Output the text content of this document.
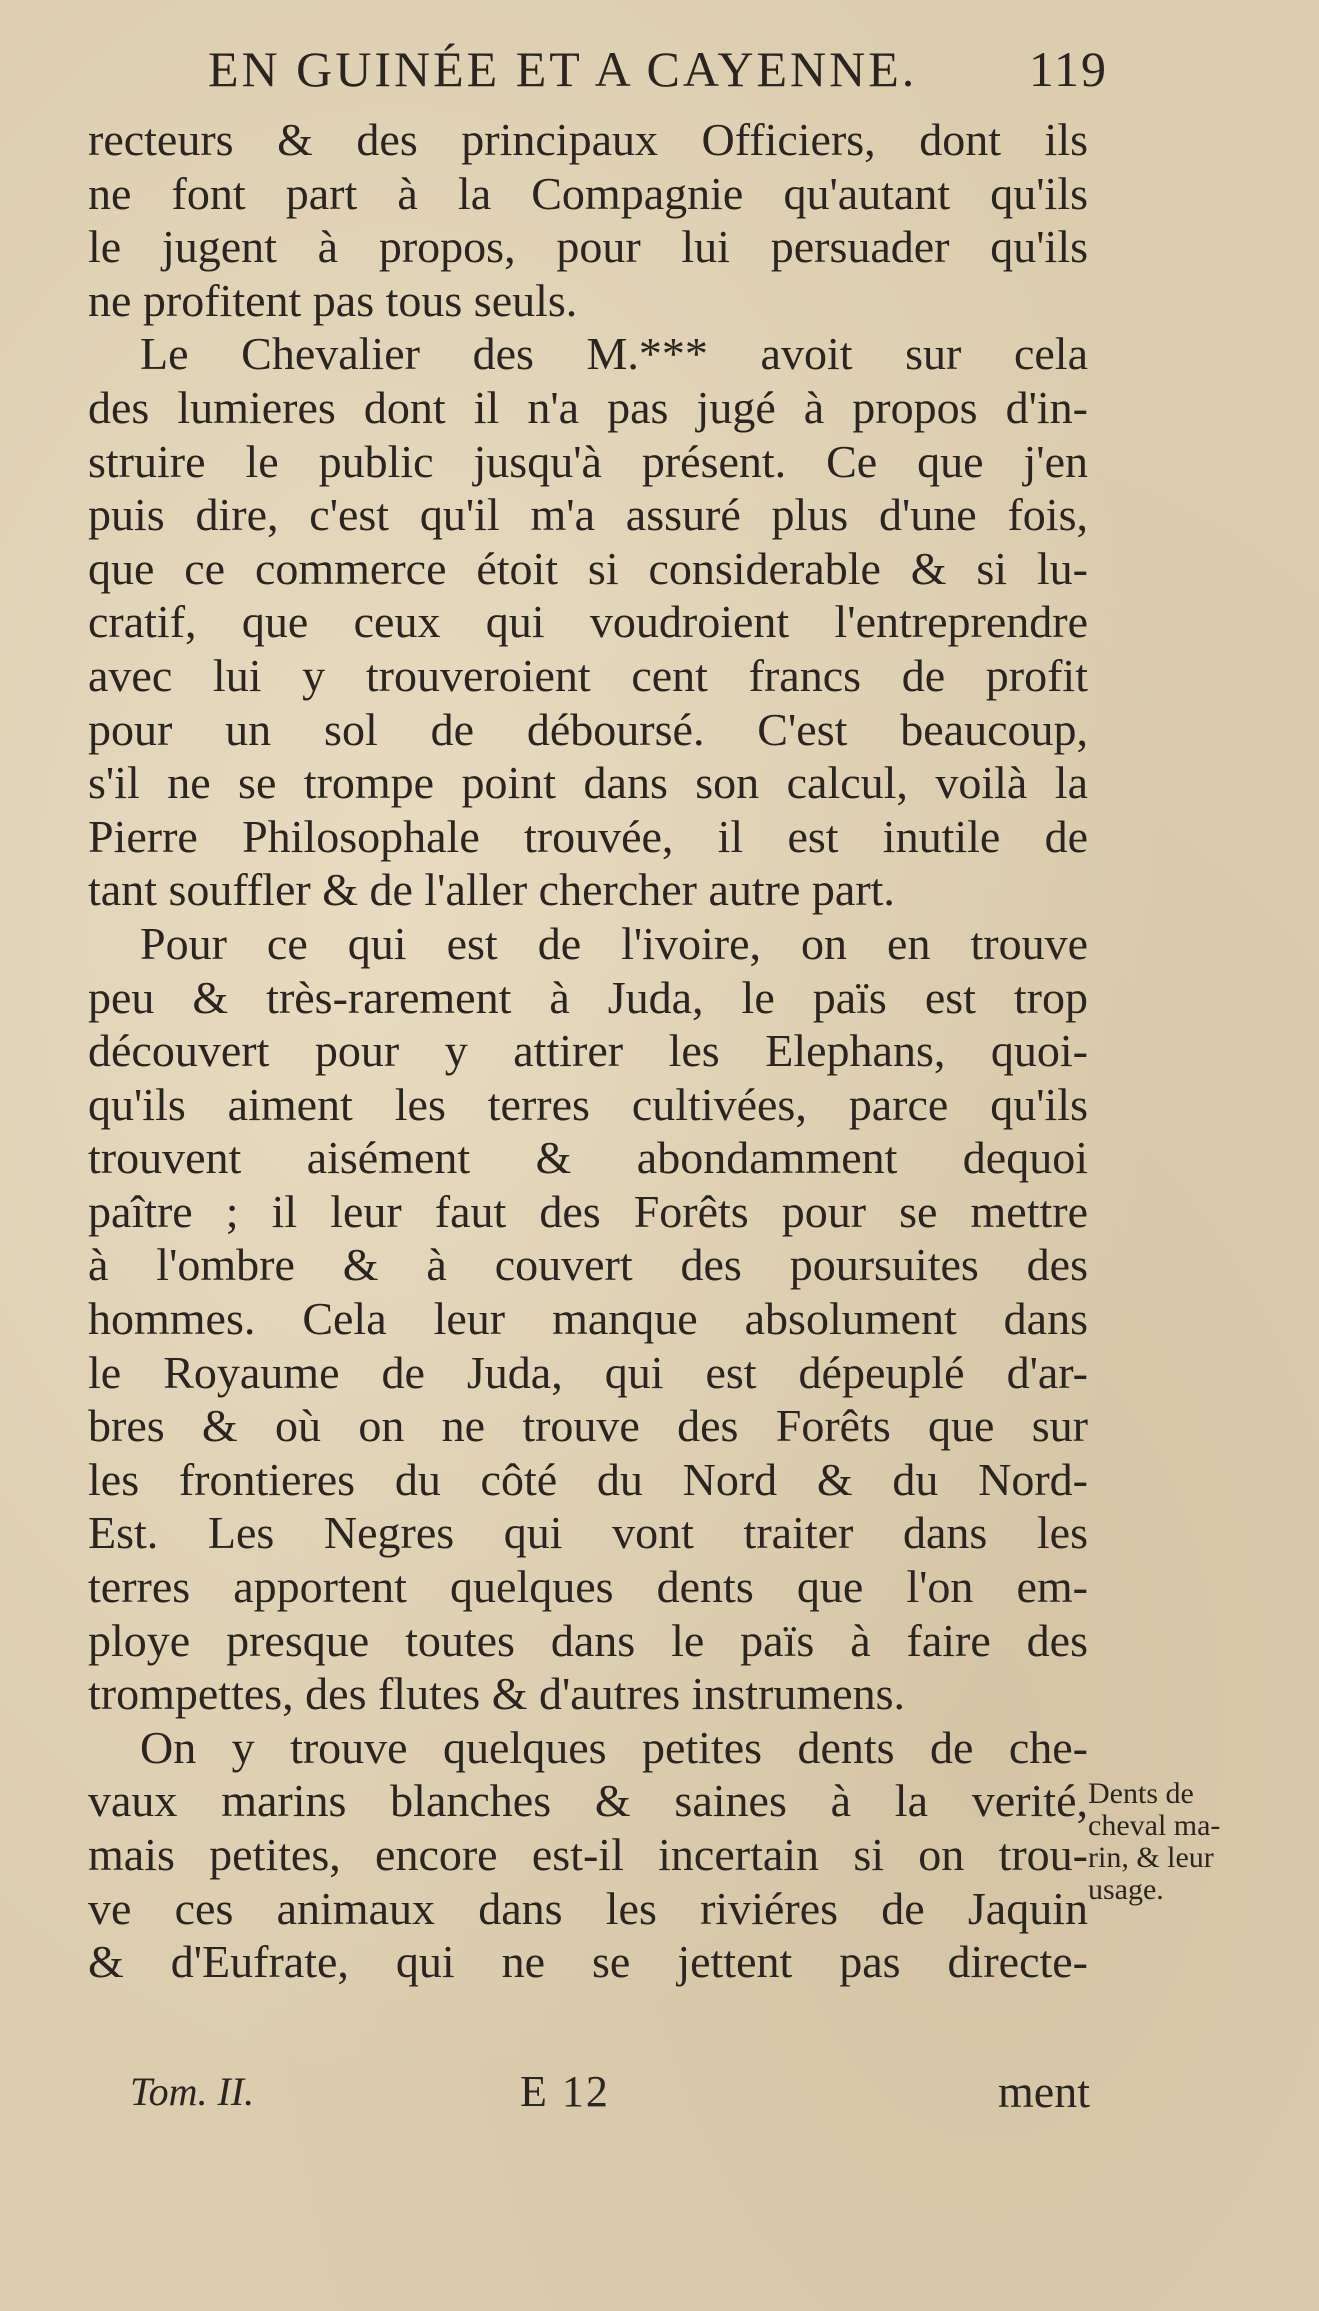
EN GUINÉE ET A CAYENNE. 119
recteurs & des principaux Officiers, dont ils
ne font part à la Compagnie qu'autant qu'ils
le jugent à propos, pour lui persuader qu'ils
ne profitent pas tous seuls.
Le Chevalier des M.*** avoit sur cela
des lumieres dont il n'a pas jugé à propos d'in-
struire le public jusqu'à présent. Ce que j'en
puis dire, c'est qu'il m'a assuré plus d'une fois,
que ce commerce étoit si considerable & si lu-
cratif, que ceux qui voudroient l'entreprendre
avec lui y trouveroient cent francs de profit
pour un sol de déboursé. C'est beaucoup,
s'il ne se trompe point dans son calcul, voilà la
Pierre Philosophale trouvée, il est inutile de
tant souffler & de l'aller chercher autre part.
Pour ce qui est de l'ivoire, on en trouve
peu & très-rarement à Juda, le païs est trop
découvert pour y attirer les Elephans, quoi-
qu'ils aiment les terres cultivées, parce qu'ils
trouvent aisément & abondamment dequoi
paître ; il leur faut des Forêts pour se mettre
à l'ombre & à couvert des poursuites des
hommes. Cela leur manque absolument dans
le Royaume de Juda, qui est dépeuplé d'ar-
bres & où on ne trouve des Forêts que sur
les frontieres du côté du Nord & du Nord-
Est. Les Negres qui vont traiter dans les
terres apportent quelques dents que l'on em-
ploye presque toutes dans le païs à faire des
trompettes, des flutes & d'autres instrumens.
On y trouve quelques petites dents de che-
vaux marins blanches & saines à la verité,
mais petites, encore est-il incertain si on trou-
ve ces animaux dans les riviéres de Jaquin
& d'Eufrate, qui ne se jettent pas directe-
Dents de
cheval ma-
rin, & leur
usage.
Tom. II.	E 12	ment
